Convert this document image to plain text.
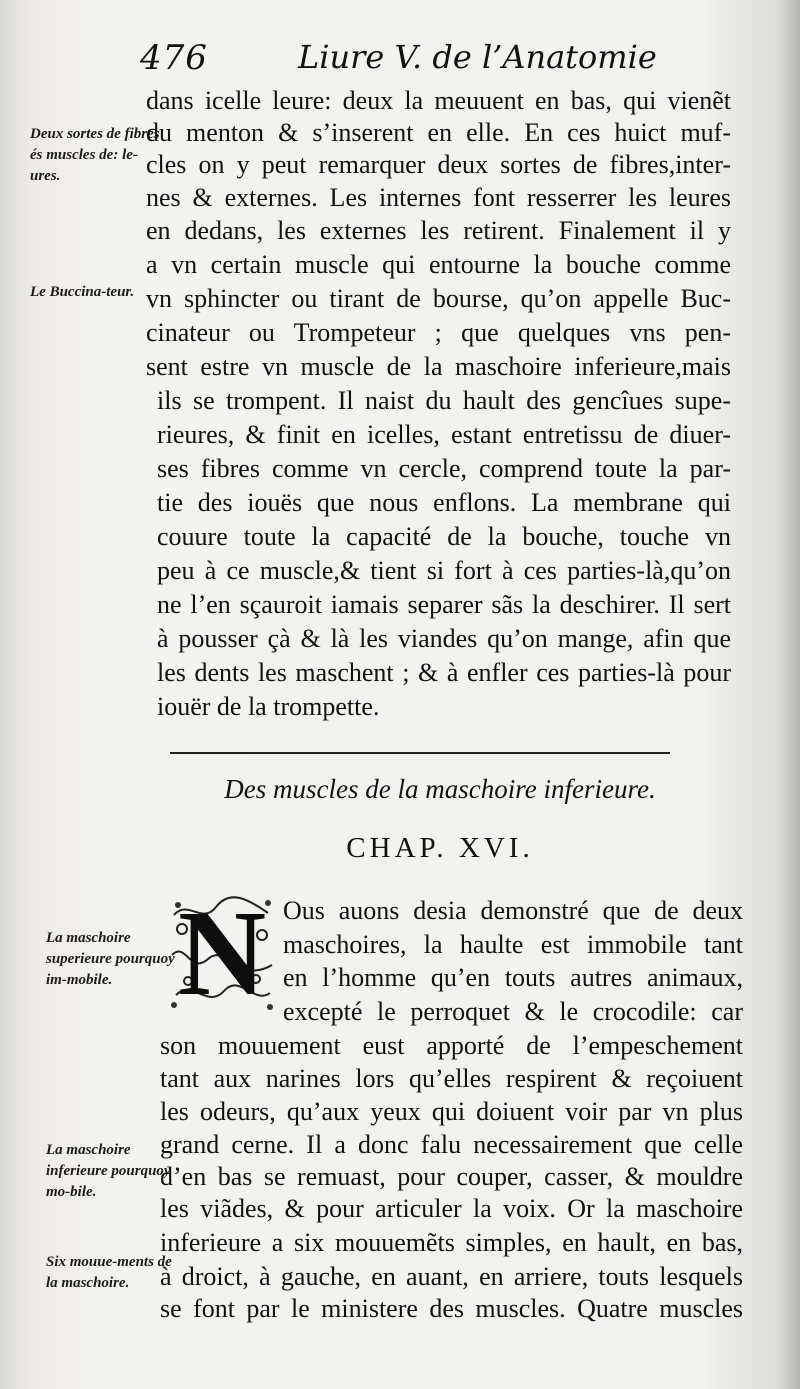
476	Liure V. de l’Anatomie
Deux sortes de fibres és muscles de: le-ures.
Le Buccina-teur.
La maschoire superieure pourquoy im-mobile.
La maschoire inferieure pourquoy mo-bile.
Six mouue-ments de la maschoire.
dans icelle leure: deux la meuuent en bas, qui vienẽt
du menton & s’inserent en elle. En ces huict muf-
cles on y peut remarquer deux sortes de fibres,inter-
nes & externes. Les internes font resserrer les leures
en dedans, les externes les retirent. Finalement il y
a vn certain muscle qui entourne la bouche comme
vn sphincter ou tirant de bourse, qu’on appelle Buc-
cinateur ou Trompeteur ; que quelques vns pen-
sent estre vn muscle de la maschoire inferieure,mais
ils se trompent. Il naist du hault des gencîues supe-
rieures, & finit en icelles, estant entretissu de diuer-
ses fibres comme vn cercle, comprend toute la par-
tie des iouës que nous enflons. La membrane qui
couure toute la capacité de la bouche, touche vn
peu à ce muscle,& tient si fort à ces parties-là,qu’on
ne l’en sçauroit iamais separer sãs la deschirer. Il sert
à pousser çà & là les viandes qu’on mange, afin que
les dents les maschent ; & à enfler ces parties-là pour
iouër de la trompette.
Des muscles de la maschoire inferieure.
CHAP. XVI.
N Ous auons desia demonstré que de deux
maschoires, la haulte est immobile tant
en l’homme qu’en touts autres animaux,
excepté le perroquet & le crocodile: car
son mouuement eust apporté de l’empeschement
tant aux narines lors qu’elles respirent & reçoiuent
les odeurs, qu’aux yeux qui doiuent voir par vn plus
grand cerne. Il a donc falu necessairement que celle
d’en bas se remuast, pour couper, casser, & mouldre
les viãdes, & pour articuler la voix. Or la maschoire
inferieure a six mouuemẽts simples, en hault, en bas,
à droict, à gauche, en auant, en arriere, touts lesquels
se font par le ministere des muscles. Quatre muscles
